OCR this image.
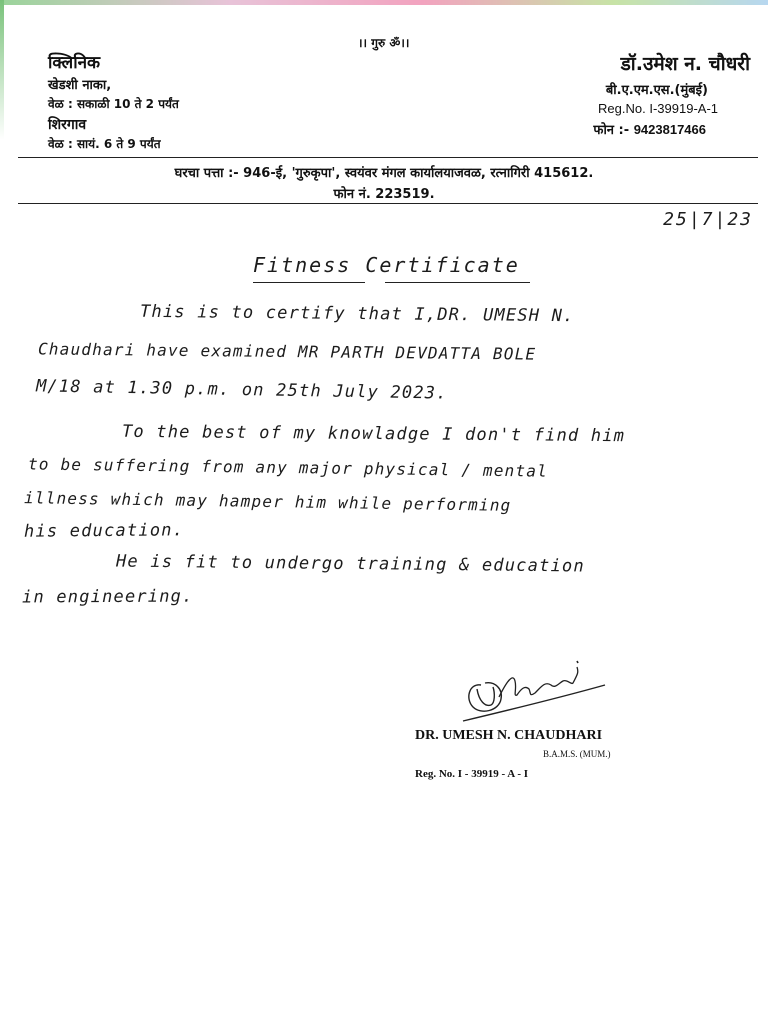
।। गुरु ॐ।।
क्लिनिक
खेडशी नाका,
वेळ : सकाळी 10 ते 2 पर्यंत
शिरगाव
वेळ : सायं. 6 ते 9 पर्यंत
डॉ.उमेश न. चौधरी
बी.ए.एम.एस.(मुंबई)
Reg.No. I-39919-A-1
फोन :- 9423817466
घरचा पत्ता :- 946-ई, 'गुरुकृपा', स्वयंवर मंगल कार्यालयाजवळ, रत्नागिरी 415612.
फोन नं. 223519.
25|7|23
Fitness Certificate
This is to certify that I,DR. UMESH N.
Chaudhari have examined MR PARTH DEVDATTA BOLE
M/18 at 1.30 p.m. on 25th July 2023.
To the best of my knowladge I don't find him
to be suffering from any major physical / mental
illness which may hamper him while performing
his education.
He is fit to undergo training & education
in engineering.
DR. UMESH N. CHAUDHARI
B.A.M.S. (MUM.)
Reg. No. I - 39919 - A - I
